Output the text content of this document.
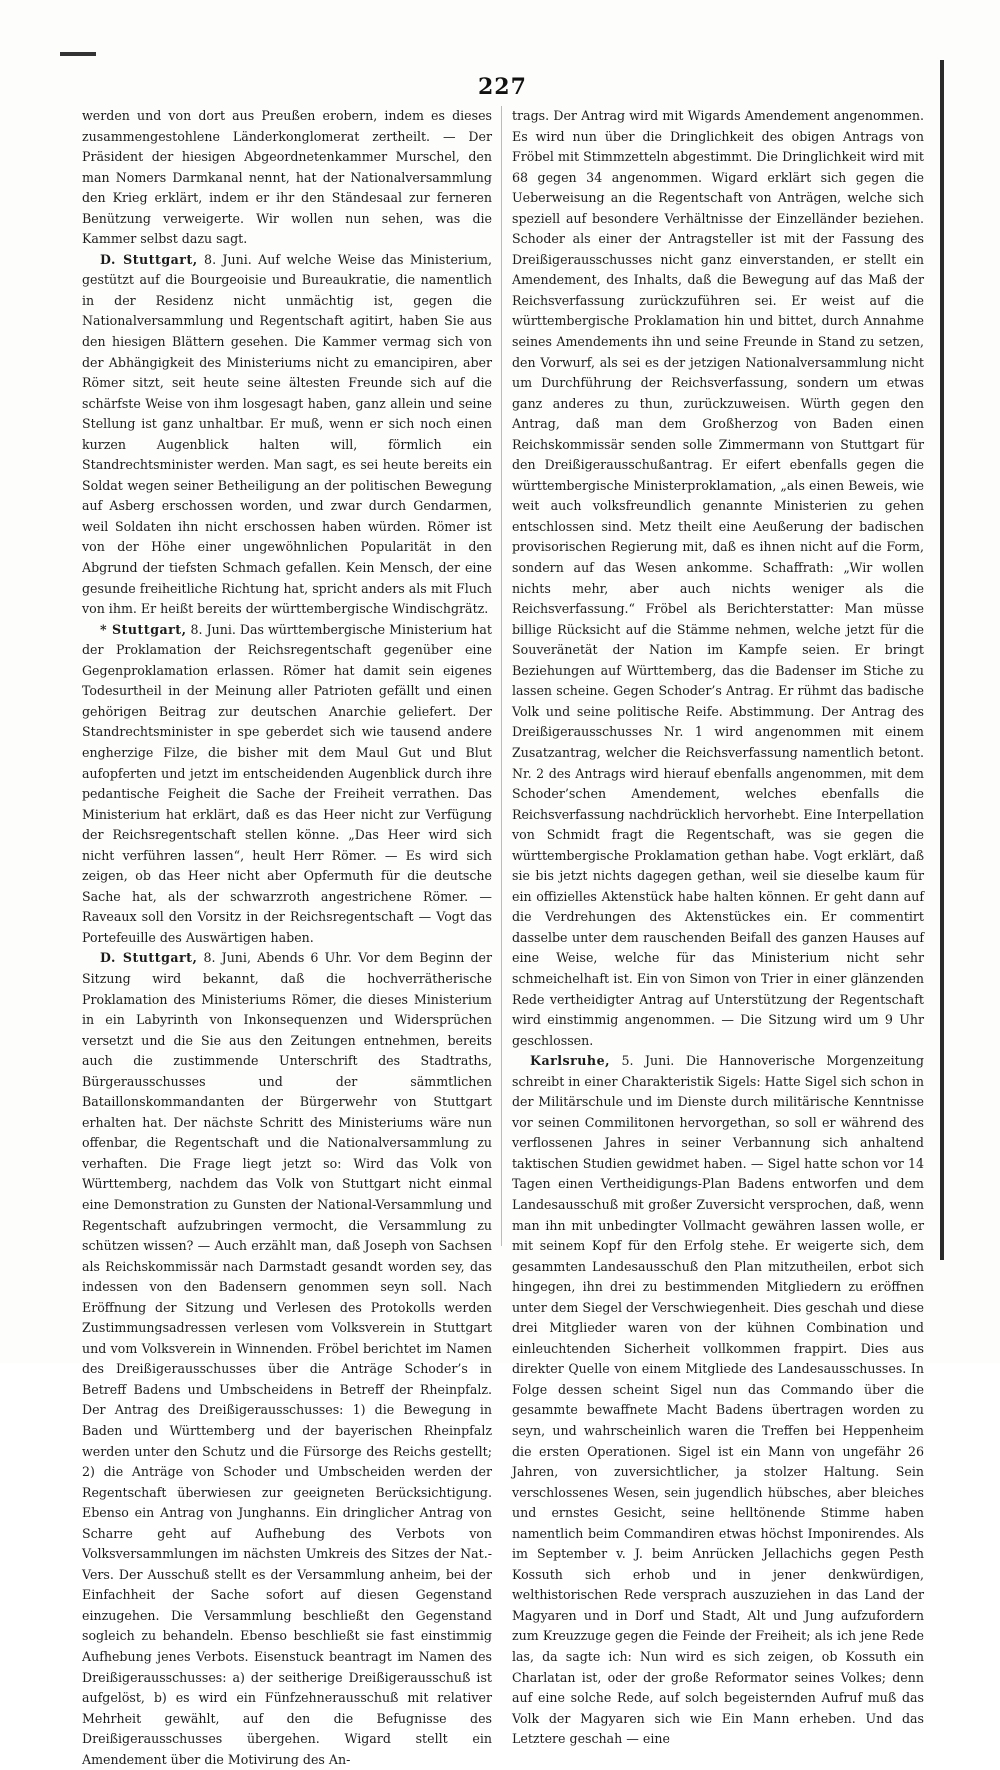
227

werden und von dort aus Preußen erobern, indem es dieses zusammengestohlene Länderkonglomerat zertheilt. — Der Präsident der hiesigen Abgeordnetenkammer Murschel, den man Nomers Darmkanal nennt, hat der Nationalversammlung den Krieg erklärt, indem er ihr den Ständesaal zur ferneren Benützung verweigerte. Wir wollen nun sehen, was die Kammer selbst dazu sagt.

D. Stuttgart, 8. Juni. Auf welche Weise das Ministerium, gestützt auf die Bourgeoisie und Bureaukratie, die namentlich in der Residenz nicht unmächtig ist, gegen die Nationalversammlung und Regentschaft agitirt, haben Sie aus den hiesigen Blättern gesehen. Die Kammer vermag sich von der Abhängigkeit des Ministeriums nicht zu emancipiren, aber Römer sitzt, seit heute seine ältesten Freunde sich auf die schärfste Weise von ihm losgesagt haben, ganz allein und seine Stellung ist ganz unhaltbar. Er muß, wenn er sich noch einen kurzen Augenblick halten will, förmlich ein Standrechtsminister werden. Man sagt, es sei heute bereits ein Soldat wegen seiner Betheiligung an der politischen Bewegung auf Asberg erschossen worden, und zwar durch Gendarmen, weil Soldaten ihn nicht erschossen haben würden. Römer ist von der Höhe einer ungewöhnlichen Popularität in den Abgrund der tiefsten Schmach gefallen. Kein Mensch, der eine gesunde freiheitliche Richtung hat, spricht anders als mit Fluch von ihm. Er heißt bereits der württembergische Windischgrätz.

* Stuttgart, 8. Juni. Das württembergische Ministerium hat der Proklamation der Reichsregentschaft gegenüber eine Gegenproklamation erlassen. Römer hat damit sein eigenes Todesurtheil in der Meinung aller Patrioten gefällt und einen gehörigen Beitrag zur deutschen Anarchie geliefert. Der Standrechtsminister in spe geberdet sich wie tausend andere engherzige Filze, die bisher mit dem Maul Gut und Blut aufopferten und jetzt im entscheidenden Augenblick durch ihre pedantische Feigheit die Sache der Freiheit verrathen. Das Ministerium hat erklärt, daß es das Heer nicht zur Verfügung der Reichsregentschaft stellen könne. „Das Heer wird sich nicht verführen lassen“, heult Herr Römer. — Es wird sich zeigen, ob das Heer nicht aber Opfermuth für die deutsche Sache hat, als der schwarzroth angestrichene Römer. — Raveaux soll den Vorsitz in der Reichsregentschaft — Vogt das Portefeuille des Auswärtigen haben.

D. Stuttgart, 8. Juni, Abends 6 Uhr. Vor dem Beginn der Sitzung wird bekannt, daß die hochverrätherische Proklamation des Ministeriums Römer, die dieses Ministerium in ein Labyrinth von Inkonsequenzen und Widersprüchen versetzt und die Sie aus den Zeitungen entnehmen, bereits auch die zustimmende Unterschrift des Stadtraths, Bürgerausschusses und der sämmtlichen Bataillonskommandanten der Bürgerwehr von Stuttgart erhalten hat. Der nächste Schritt des Ministeriums wäre nun offenbar, die Regentschaft und die Nationalversammlung zu verhaften. Die Frage liegt jetzt so: Wird das Volk von Württemberg, nachdem das Volk von Stuttgart nicht einmal eine Demonstration zu Gunsten der National-Versammlung und Regentschaft aufzubringen vermocht, die Versammlung zu schützen wissen? — Auch erzählt man, daß Joseph von Sachsen als Reichskommissär nach Darmstadt gesandt worden sey, das indessen von den Badensern genommen seyn soll. Nach Eröffnung der Sitzung und Verlesen des Protokolls werden Zustimmungsadressen verlesen vom Volksverein in Stuttgart und vom Volksverein in Winnenden. Fröbel berichtet im Namen des Dreißigerausschusses über die Anträge Schoder’s in Betreff Badens und Umbscheidens in Betreff der Rheinpfalz. Der Antrag des Dreißigerausschusses: 1) die Bewegung in Baden und Württemberg und der bayerischen Rheinpfalz werden unter den Schutz und die Fürsorge des Reichs gestellt; 2) die Anträge von Schoder und Umbscheiden werden der Regentschaft überwiesen zur geeigneten Berücksichtigung. Ebenso ein Antrag von Junghanns. Ein dringlicher Antrag von Scharre geht auf Aufhebung des Verbots von Volksversammlungen im nächsten Umkreis des Sitzes der Nat.-Vers. Der Ausschuß stellt es der Versammlung anheim, bei der Einfachheit der Sache sofort auf diesen Gegenstand einzugehen. Die Versammlung beschließt den Gegenstand sogleich zu behandeln. Ebenso beschließt sie fast einstimmig Aufhebung jenes Verbots. Eisenstuck beantragt im Namen des Dreißigerausschusses: a) der seitherige Dreißigerausschuß ist aufgelöst, b) es wird ein Fünfzehnerausschuß mit relativer Mehrheit gewählt, auf den die Befugnisse des Dreißigerausschusses übergehen. Wigard stellt ein Amendement über die Motivirung des An-

trags. Der Antrag wird mit Wigards Amendement angenommen. Es wird nun über die Dringlichkeit des obigen Antrags von Fröbel mit Stimmzetteln abgestimmt. Die Dringlichkeit wird mit 68 gegen 34 angenommen. Wigard erklärt sich gegen die Ueberweisung an die Regentschaft von Anträgen, welche sich speziell auf besondere Verhältnisse der Einzelländer beziehen. Schoder als einer der Antragsteller ist mit der Fassung des Dreißigerausschusses nicht ganz einverstanden, er stellt ein Amendement, des Inhalts, daß die Bewegung auf das Maß der Reichsverfassung zurückzuführen sei. Er weist auf die württembergische Proklamation hin und bittet, durch Annahme seines Amendements ihn und seine Freunde in Stand zu setzen, den Vorwurf, als sei es der jetzigen Nationalversammlung nicht um Durchführung der Reichsverfassung, sondern um etwas ganz anderes zu thun, zurückzuweisen. Würth gegen den Antrag, daß man dem Großherzog von Baden einen Reichskommissär senden solle Zimmermann von Stuttgart für den Dreißigerausschußantrag. Er eifert ebenfalls gegen die württembergische Ministerproklamation, „als einen Beweis, wie weit auch volksfreundlich genannte Ministerien zu gehen entschlossen sind. Metz theilt eine Aeußerung der badischen provisorischen Regierung mit, daß es ihnen nicht auf die Form, sondern auf das Wesen ankomme. Schaffrath: „Wir wollen nichts mehr, aber auch nichts weniger als die Reichsverfassung.“ Fröbel als Berichterstatter: Man müsse billige Rücksicht auf die Stämme nehmen, welche jetzt für die Souveränetät der Nation im Kampfe seien. Er bringt Beziehungen auf Württemberg, das die Badenser im Stiche zu lassen scheine. Gegen Schoder’s Antrag. Er rühmt das badische Volk und seine politische Reife. Abstimmung. Der Antrag des Dreißigerausschusses Nr. 1 wird angenommen mit einem Zusatzantrag, welcher die Reichsverfassung namentlich betont. Nr. 2 des Antrags wird hierauf ebenfalls angenommen, mit dem Schoder’schen Amendement, welches ebenfalls die Reichsverfassung nachdrücklich hervorhebt. Eine Interpellation von Schmidt fragt die Regentschaft, was sie gegen die württembergische Proklamation gethan habe. Vogt erklärt, daß sie bis jetzt nichts dagegen gethan, weil sie dieselbe kaum für ein offizielles Aktenstück habe halten können. Er geht dann auf die Verdrehungen des Aktenstückes ein. Er commentirt dasselbe unter dem rauschenden Beifall des ganzen Hauses auf eine Weise, welche für das Ministerium nicht sehr schmeichelhaft ist. Ein von Simon von Trier in einer glänzenden Rede vertheidigter Antrag auf Unterstützung der Regentschaft wird einstimmig angenommen. — Die Sitzung wird um 9 Uhr geschlossen.

Karlsruhe, 5. Juni. Die Hannoverische Morgenzeitung schreibt in einer Charakteristik Sigels: Hatte Sigel sich schon in der Militärschule und im Dienste durch militärische Kenntnisse vor seinen Commilitonen hervorgethan, so soll er während des verflossenen Jahres in seiner Verbannung sich anhaltend taktischen Studien gewidmet haben. — Sigel hatte schon vor 14 Tagen einen Vertheidigungs-Plan Badens entworfen und dem Landesausschuß mit großer Zuversicht versprochen, daß, wenn man ihn mit unbedingter Vollmacht gewähren lassen wolle, er mit seinem Kopf für den Erfolg stehe. Er weigerte sich, dem gesammten Landesausschuß den Plan mitzutheilen, erbot sich hingegen, ihn drei zu bestimmenden Mitgliedern zu eröffnen unter dem Siegel der Verschwiegenheit. Dies geschah und diese drei Mitglieder waren von der kühnen Combination und einleuchtenden Sicherheit vollkommen frappirt. Dies aus direkter Quelle von einem Mitgliede des Landesausschusses. In Folge dessen scheint Sigel nun das Commando über die gesammte bewaffnete Macht Badens übertragen worden zu seyn, und wahrscheinlich waren die Treffen bei Heppenheim die ersten Operationen. Sigel ist ein Mann von ungefähr 26 Jahren, von zuversichtlicher, ja stolzer Haltung. Sein verschlossenes Wesen, sein jugendlich hübsches, aber bleiches und ernstes Gesicht, seine helltönende Stimme haben namentlich beim Commandiren etwas höchst Imponirendes. Als im September v. J. beim Anrücken Jellachichs gegen Pesth Kossuth sich erhob und in jener denkwürdigen, welthistorischen Rede versprach auszuziehen in das Land der Magyaren und in Dorf und Stadt, Alt und Jung aufzufordern zum Kreuzzuge gegen die Feinde der Freiheit; als ich jene Rede las, da sagte ich: Nun wird es sich zeigen, ob Kossuth ein Charlatan ist, oder der große Reformator seines Volkes; denn auf eine solche Rede, auf solch begeisternden Aufruf muß das Volk der Magyaren sich wie Ein Mann erheben. Und das Letztere geschah — eine
